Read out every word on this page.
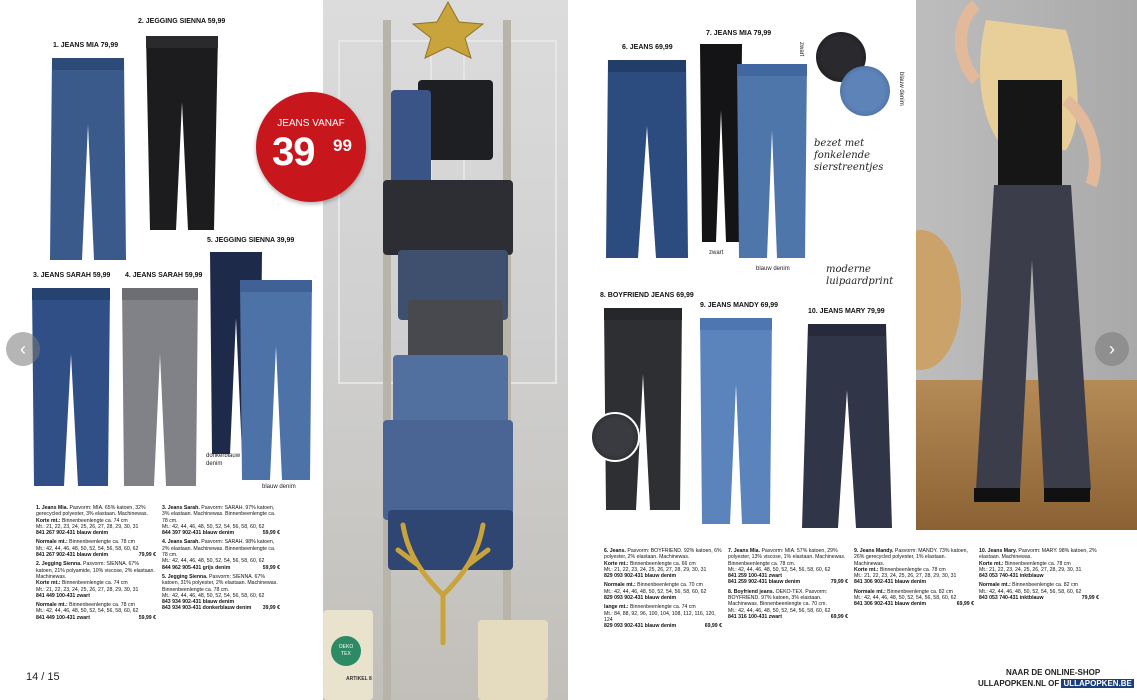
OEKO
TEX
ARTIKEL 8
1. JEANS MIA 79,99
2. JEGGING SIENNA 59,99
3. JEANS SARAH 59,99 4. JEANS SARAH 59,99
5. JEGGING SIENNA 39,99
JEANS VANAF
39 99
donkerblauw denim
blauw denim

1. Jeans Mia. Pasvorm: MIA. 65% katoen, 32% gerecycled polyester, 3% elastaan. Machinewas.
Korte mt.: Binnenbeenlengte ca. 74 cm
Mt.: 21, 22, 23, 24, 25, 26, 27, 28, 29, 30, 31
841 267 902-431 blauw denim

Normale mt.: Binnenbeenlengte ca. 78 cm
Mt.: 42, 44, 46, 48, 50, 52, 54, 56, 58, 60, 62

841 267 902-431 blauw denim	79,99 €

2. Jegging Sienna. Pasvorm: SIENNA. 67% katoen, 21% polyamide, 10% viscose, 2% elastaan. Machinewas.
Korte mt.: Binnenbeenlengte ca. 74 cm
Mt.: 21, 22, 23, 24, 25, 26, 27, 28, 29, 30, 31
841 449 100-431 zwart

Normale mt.: Binnenbeenlengte ca. 78 cm
Mt.: 42, 44, 46, 48, 50, 52, 54, 56, 58, 60, 62

841 449 100-431 zwart	59,99 €

3. Jeans Sarah. Pasvorm: SARAH. 97% katoen, 3% elastaan. Machinewas. Binnenbeenlengte ca. 78 cm.
Mt.: 42, 44, 46, 48, 50, 52, 54, 56, 58, 60, 62

844 397 902-431 blauw denim	59,99 €

4. Jeans Sarah. Pasvorm: SARAH. 98% katoen, 2% elastaan. Machinewas. Binnenbeenlengte ca. 78 cm.
Mt.: 42, 44, 46, 48, 50, 52, 54, 56, 58, 60, 62

844 962 905-431 grijs denim	59,99 €

5. Jegging Sienna. Pasvorm: SIENNA. 67% katoen, 31% polyester, 2% elastaan. Machinewas. Binnenbeenlengte ca. 78 cm.
Mt.: 42, 44, 46, 48, 50, 52, 54, 56, 58, 60, 62
843 934 902-431 blauw denim

843 934 903-431 donkerblauw denim 39,99 €

14 / 15
6. JEANS 69,99
7. JEANS MIA 79,99
8. BOYFRIEND JEANS 69,99
9. JEANS MANDY 69,99
10. JEANS MARY 79,99
zwart
blauw denim
zwart
blauw denim
bezet met fonkelende sierstreentjes
moderne luipaardprint

6. Jeans. Pasvorm: BOYFRIEND. 92% katoen, 6% polyester, 2% elastaan. Machinewas.
Korte mt.: Binnenbeenlengte ca. 66 cm
Mt.: 21, 22, 23, 24, 25, 26, 27, 28, 29, 30, 31
829 093 902-431 blauw denim

Normale mt.: Binnenbeenlengte ca. 70 cm
Mt.: 42, 44, 46, 48, 50, 52, 54, 56, 58, 60, 62
829 093 902-431 blauw denim

lange mt.: Binnenbeenlengte ca. 74 cm
Mt.: 84, 88, 92, 96, 100, 104, 108, 112, 116, 120, 124

829 093 902-431 blauw denim	69,99 €

7. Jeans Mia. Pasvorm: MIA. 57% katoen, 29% polyester, 13% viscose, 1% elastaan. Machinewas. Binnenbeenlengte ca. 78 cm.
Mt.: 42, 44, 46, 48, 50, 52, 54, 56, 58, 60, 62
841 259 100-431 zwart

841 259 902-431 blauw denim	79,99 €

8. Boyfriend jeans. OEKO-TEX. Pasvorm: BOYFRIEND. 97% katoen, 3% elastaan. Machinewas. Binnenbeenlengte ca. 70 cm.
Mt.: 42, 44, 46, 48, 50, 52, 54, 56, 58, 60, 62

841 316 100-431 zwart	69,99 €

9. Jeans Mandy. Pasvorm: MANDY. 73% katoen, 26% gerecycled polyester, 1% elastaan. Machinewas.
Korte mt.: Binnenbeenlengte ca. 78 cm
Mt.: 21, 22, 23, 24, 25, 26, 27, 28, 29, 30, 31
841 306 902-431 blauw denim

Normale mt.: Binnenbeenlengte ca. 82 cm
Mt.: 42, 44, 46, 48, 50, 52, 54, 56, 58, 60, 62

841 306 902-431 blauw denim	69,99 €

10. Jeans Mary. Pasvorm: MARY. 98% katoen, 2% elastaan. Machinewas.
Korte mt.: Binnenbeenlengte ca. 78 cm
Mt.: 21, 22, 23, 24, 25, 26, 27, 28, 29, 30, 31
843 053 740-431 inktblauw

Normale mt.: Binnenbeenlengte ca. 82 cm
Mt.: 42, 44, 46, 48, 50, 52, 54, 56, 58, 60, 62

843 053 740-431 inktblauw	79,99 €

NAAR DE ONLINE-SHOP
ULLAPOPKEN.NL OF ULLAPOPKEN.BE
‹	›
